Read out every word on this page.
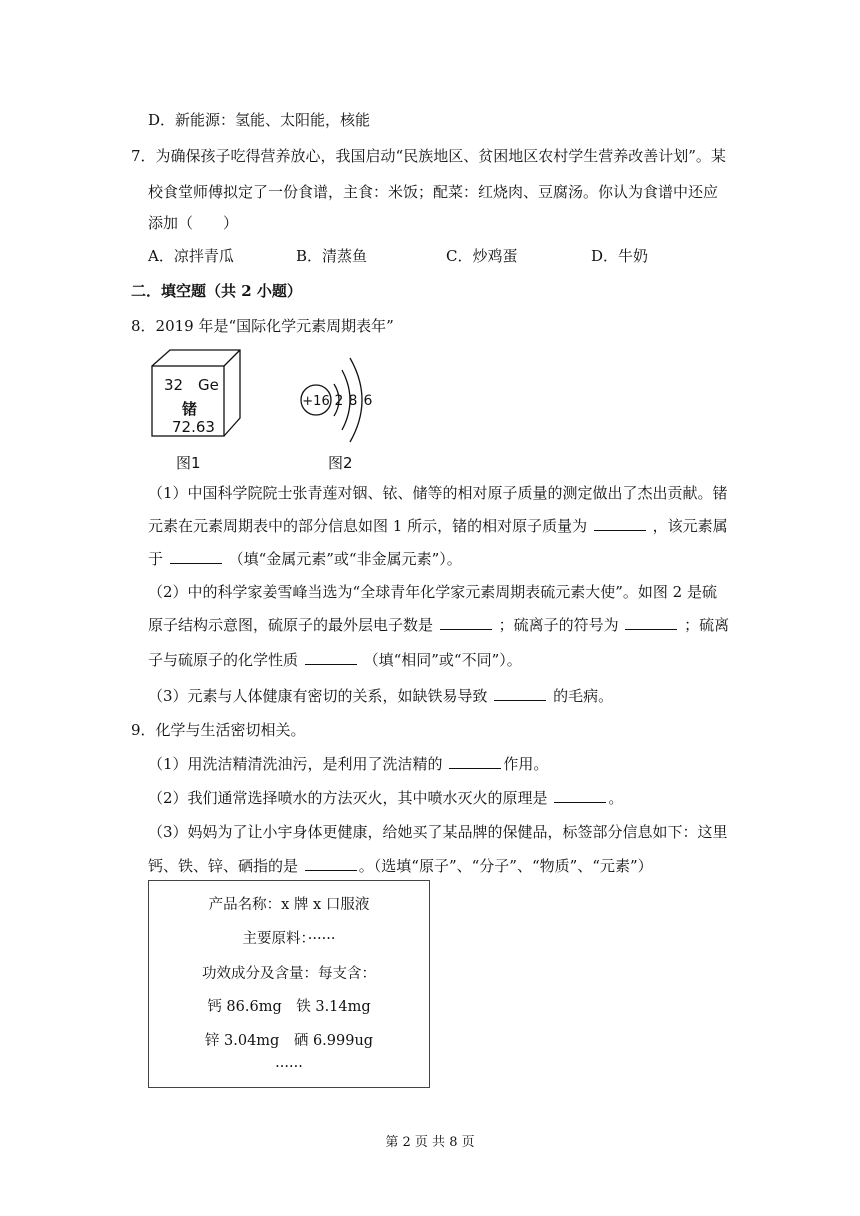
D．新能源：氢能、太阳能，核能
7．为确保孩子吃得营养放心，我国启动“民族地区、贫困地区农村学生营养改善计划”。某
校食堂师傅拟定了一份食谱，主食：米饭；配菜：红烧肉、豆腐汤。你认为食谱中还应
添加（　　）
A．凉拌青瓜	B．清蒸鱼	C．炒鸡蛋	D．牛奶
二．填空题（共 2 小题）
8．2019 年是“国际化学元素周期表年”
32 Ge
锗
72.63
图1
+16 2 8 6
图2
（1）中国科学院院士张青莲对铟、铱、储等的相对原子质量的测定做出了杰出贡献。锗
元素在元素周期表中的部分信息如图 1 所示，锗的相对原子质量为	，该元素属
于	（填“金属元素”或“非金属元素”）。
（2）中的科学家姜雪峰当选为“全球青年化学家元素周期表硫元素大使”。如图 2 是硫
原子结构示意图，硫原子的最外层电子数是	；硫离子的符号为	；硫离
子与硫原子的化学性质	（填“相同”或“不同”）。
（3）元素与人体健康有密切的关系，如缺铁易导致	的毛病。
9．化学与生活密切相关。
（1）用洗洁精清洗油污，是利用了洗洁精的	作用。
（2）我们通常选择喷水的方法灭火，其中喷水灭火的原理是	。
（3）妈妈为了让小宇身体更健康，给她买了某品牌的保健品，标签部分信息如下：这里
钙、铁、锌、硒指的是	。（选填“原子”、“分子”、“物质”、“元素”）
产品名称：x 牌 x 口服液
主要原料：······
功效成分及含量：每支含：
钙 86.6mg　铁 3.14mg
锌 3.04mg　硒 6.999ug
······
第 2 页 共 8 页
